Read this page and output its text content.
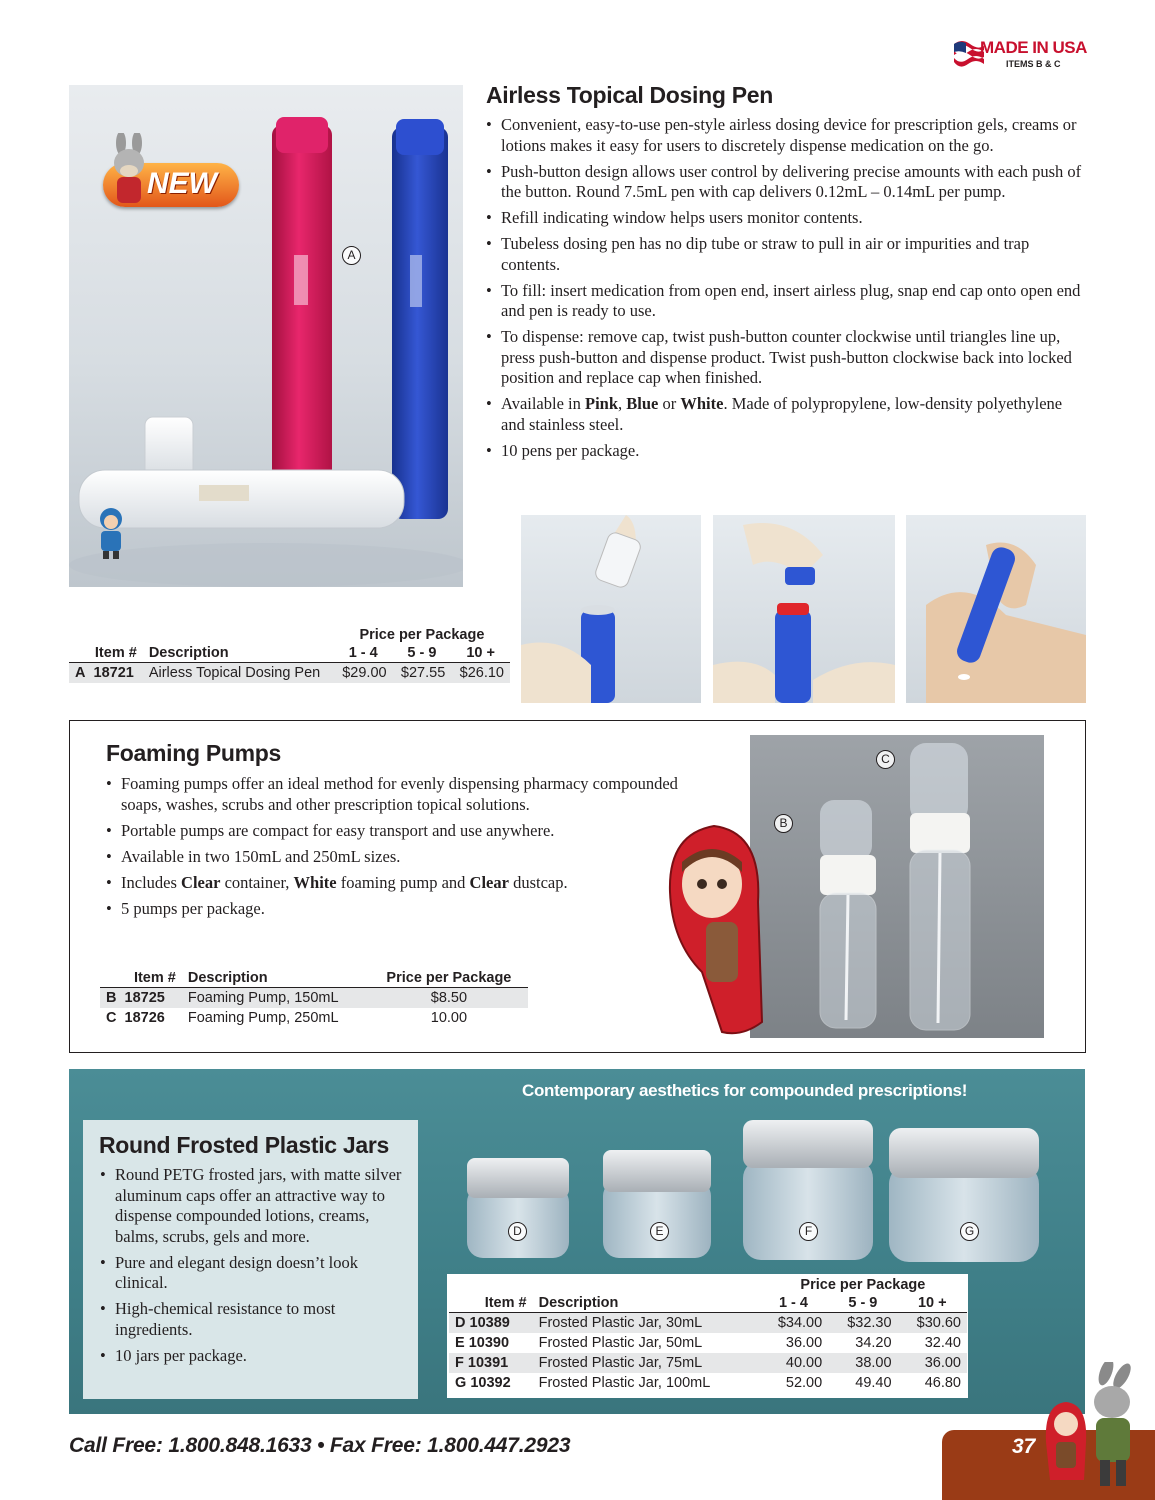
MADE IN USA
ITEMS B & C
A
NEW
Airless Topical Dosing Pen
• Convenient, easy-to-use pen-style airless dosing device for prescription gels, creams or lotions makes it easy for users to discretely dispense medication on the go.
• Push-button design allows user control by delivering precise amounts with each push of the button. Round 7.5mL pen with cap delivers 0.12mL – 0.14mL per pump.
• Refill indicating window helps users monitor contents.
• Tubeless dosing pen has no dip tube or straw to pull in air or impurities and trap contents.
• To fill: insert medication from open end, insert airless plug, snap end cap onto open end and pen is ready to use.
• To dispense: remove cap, twist push-button counter clockwise until triangles line up, press push-button and dispense product. Twist push-button clockwise back into locked position and replace cap when finished.
• Available in Pink, Blue or White. Made of polypropylene, low-density polyethylene and stainless steel.
• 10 pens per package.
		Price per Package		
Item #	Description	1 - 4	5 - 9	10 +
A 18721	Airless Topical Dosing Pen	$29.00	$27.55	$26.10
Foaming Pumps
• Foaming pumps offer an ideal method for evenly dispensing pharmacy compounded soaps, washes, scrubs and other prescription topical solutions.
• Portable pumps are compact for easy transport and use anywhere.
• Available in two 150mL and 250mL sizes.
• Includes Clear container, White foaming pump and Clear dustcap.
• 5 pumps per package.
Item #	Description	Price per Package
B 18725	Foaming Pump, 150mL	$8.50
C 18726	Foaming Pump, 250mL	10.00
B
C
Contemporary aesthetics for compounded prescriptions!
Round Frosted Plastic Jars
• Round PETG frosted jars, with matte silver aluminum caps offer an attractive way to dispense compounded lotions, creams, balms, scrubs, gels and more.
• Pure and elegant design doesn’t look clinical.
• High-chemical resistance to most ingredients.
• 10 jars per package.
D	E	F	G
		Price per Package		
Item #	Description	1 - 4	5 - 9	10 +
D 10389	Frosted Plastic Jar, 30mL	$34.00	$32.30	$30.60
E 10390	Frosted Plastic Jar, 50mL	36.00	34.20	32.40
F 10391	Frosted Plastic Jar, 75mL	40.00	38.00	36.00
G 10392	Frosted Plastic Jar, 100mL	52.00	49.40	46.80
Call Free: 1.800.848.1633 • Fax Free: 1.800.447.2923	37
